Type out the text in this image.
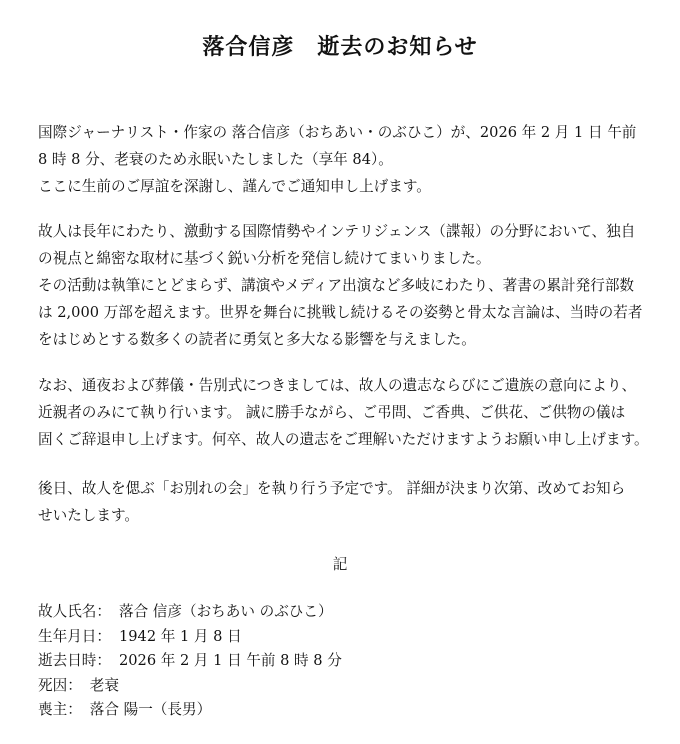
落合信彦　逝去のお知らせ

国際ジャーナリスト・作家の 落合信彦（おちあい・のぶひこ）が、2026 年 2 月 1 日 午前
8 時 8 分、老衰のため永眠いたしました（享年 84）。
ここに生前のご厚誼を深謝し、謹んでご通知申し上げます。

故人は長年にわたり、激動する国際情勢やインテリジェンス（諜報）の分野において、独自
の視点と綿密な取材に基づく鋭い分析を発信し続けてまいりました。
その活動は執筆にとどまらず、講演やメディア出演など多岐にわたり、著書の累計発行部数
は 2,000 万部を超えます。世界を舞台に挑戦し続けるその姿勢と骨太な言論は、当時の若者
をはじめとする数多くの読者に勇気と多大なる影響を与えました。

なお、通夜および葬儀・告別式につきましては、故人の遺志ならびにご遺族の意向により、
近親者のみにて執り行います。 誠に勝手ながら、ご弔問、ご香典、ご供花、ご供物の儀は
固くご辞退申し上げます。何卒、故人の遺志をご理解いただけますようお願い申し上げます。

後日、故人を偲ぶ「お別れの会」を執り行う予定です。 詳細が決まり次第、改めてお知ら
せいたします。

記

故人氏名： 落合 信彦（おちあい のぶひこ）
生年月日： 1942 年 1 月 8 日
逝去日時： 2026 年 2 月 1 日 午前 8 時 8 分
死因： 老衰
喪主： 落合 陽一（長男）
